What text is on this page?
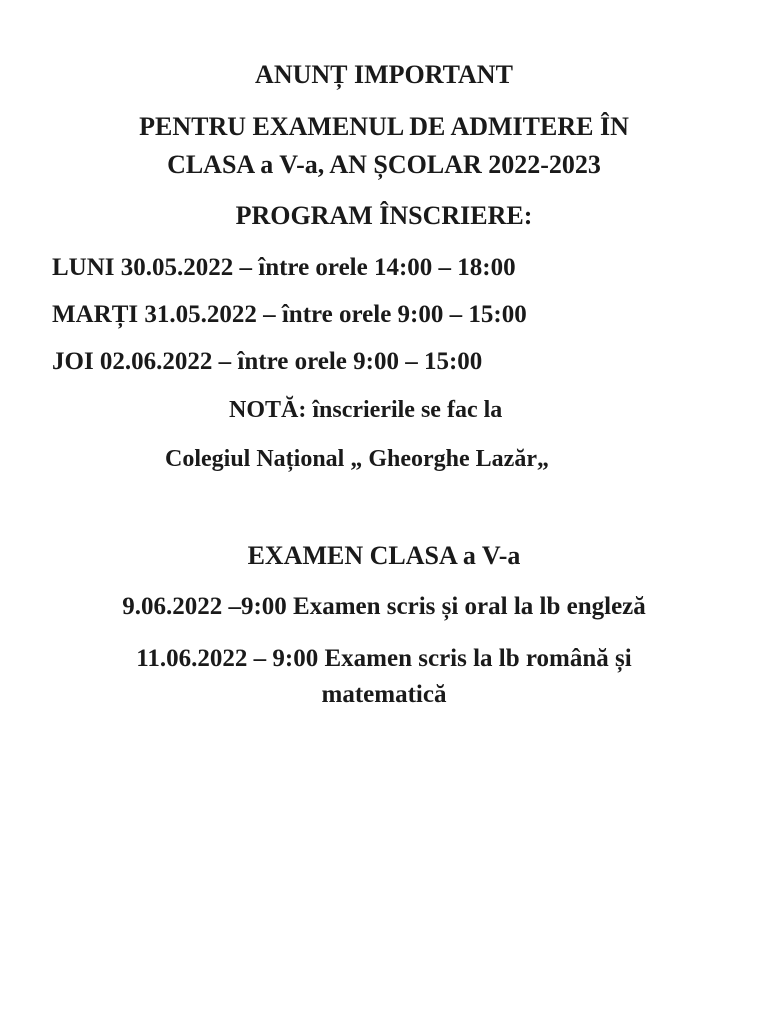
ANUNȚ IMPORTANT
PENTRU EXAMENUL DE ADMITERE ÎN
CLASA a V-a, AN ȘCOLAR 2022-2023
PROGRAM ÎNSCRIERE:
LUNI 30.05.2022 – între orele 14:00 – 18:00
MARȚI 31.05.2022 – între orele 9:00 – 15:00
JOI 02.06.2022 – între orele 9:00 – 15:00
NOTĂ: înscrierile se fac la
Colegiul Național „ Gheorghe Lazăr„
EXAMEN CLASA a V-a
9.06.2022 –9:00 Examen scris și oral la lb engleză
11.06.2022 – 9:00 Examen scris la lb română și
matematică
